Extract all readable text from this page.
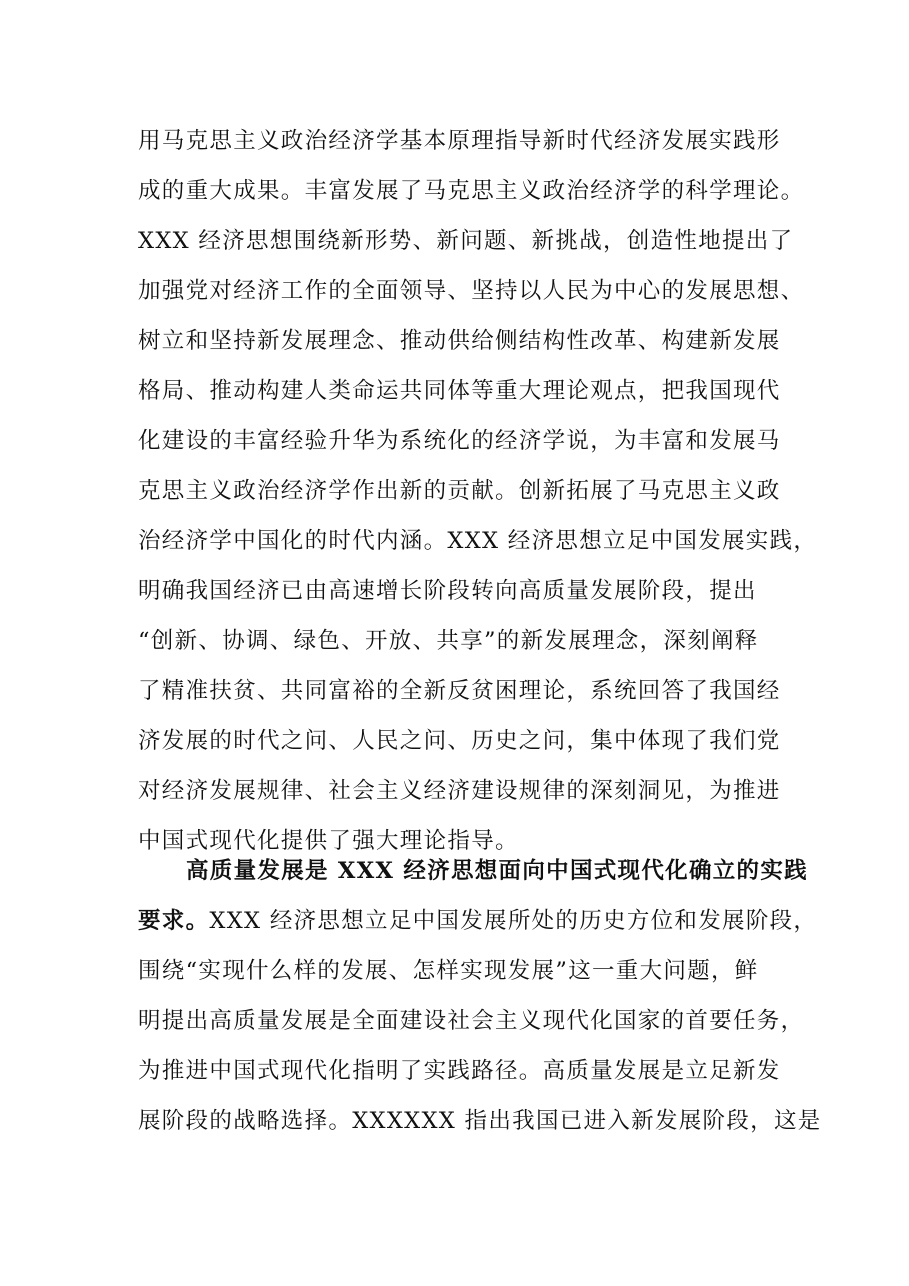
用马克思主义政治经济学基本原理指导新时代经济发展实践形
成的重大成果。丰富发展了马克思主义政治经济学的科学理论。
XXX 经济思想围绕新形势、新问题、新挑战，创造性地提出了
加强党对经济工作的全面领导、坚持以人民为中心的发展思想、
树立和坚持新发展理念、推动供给侧结构性改革、构建新发展
格局、推动构建人类命运共同体等重大理论观点，把我国现代
化建设的丰富经验升华为系统化的经济学说，为丰富和发展马
克思主义政治经济学作出新的贡献。创新拓展了马克思主义政
治经济学中国化的时代内涵。XXX 经济思想立足中国发展实践，
明确我国经济已由高速增长阶段转向高质量发展阶段，提出
“创新、协调、绿色、开放、共享”的新发展理念，深刻阐释
了精准扶贫、共同富裕的全新反贫困理论，系统回答了我国经
济发展的时代之问、人民之问、历史之问，集中体现了我们党
对经济发展规律、社会主义经济建设规律的深刻洞见，为推进
中国式现代化提供了强大理论指导。
高质量发展是 XXX 经济思想面向中国式现代化确立的实践
要求。XXX 经济思想立足中国发展所处的历史方位和发展阶段，
围绕“实现什么样的发展、怎样实现发展”这一重大问题，鲜
明提出高质量发展是全面建设社会主义现代化国家的首要任务，
为推进中国式现代化指明了实践路径。高质量发展是立足新发
展阶段的战略选择。XXXXXX 指出我国已进入新发展阶段，这是
